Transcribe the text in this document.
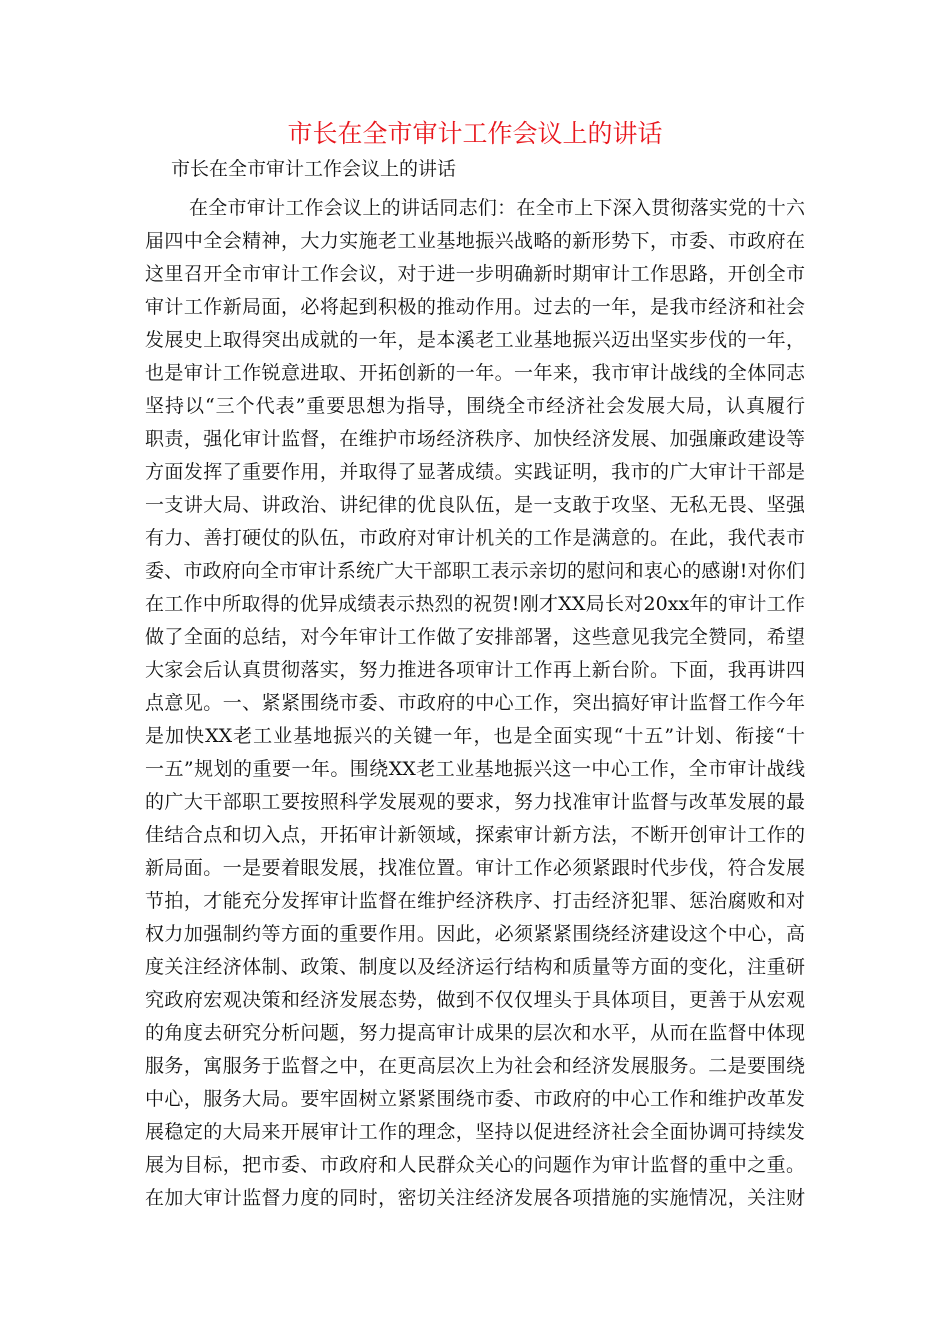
市长在全市审计工作会议上的讲话
市长在全市审计工作会议上的讲话
在全市审计工作会议上的讲话同志们：在全市上下深入贯彻落实党的十六
届四中全会精神，大力实施老工业基地振兴战略的新形势下，市委、市政府在
这里召开全市审计工作会议，对于进一步明确新时期审计工作思路，开创全市
审计工作新局面，必将起到积极的推动作用。过去的一年，是我市经济和社会
发展史上取得突出成就的一年，是本溪老工业基地振兴迈出坚实步伐的一年，
也是审计工作锐意进取、开拓创新的一年。一年来，我市审计战线的全体同志
坚持以“三个代表”重要思想为指导，围绕全市经济社会发展大局，认真履行
职责，强化审计监督，在维护市场经济秩序、加快经济发展、加强廉政建设等
方面发挥了重要作用，并取得了显著成绩。实践证明，我市的广大审计干部是
一支讲大局、讲政治、讲纪律的优良队伍，是一支敢于攻坚、无私无畏、坚强
有力、善打硬仗的队伍，市政府对审计机关的工作是满意的。在此，我代表市
委、市政府向全市审计系统广大干部职工表示亲切的慰问和衷心的感谢!对你们
在工作中所取得的优异成绩表示热烈的祝贺!刚才XX局长对20xx年的审计工作
做了全面的总结，对今年审计工作做了安排部署，这些意见我完全赞同，希望
大家会后认真贯彻落实，努力推进各项审计工作再上新台阶。下面，我再讲四
点意见。一、紧紧围绕市委、市政府的中心工作，突出搞好审计监督工作今年
是加快XX老工业基地振兴的关键一年，也是全面实现“十五”计划、衔接“十
一五”规划的重要一年。围绕XX老工业基地振兴这一中心工作，全市审计战线
的广大干部职工要按照科学发展观的要求，努力找准审计监督与改革发展的最
佳结合点和切入点，开拓审计新领域，探索审计新方法，不断开创审计工作的
新局面。一是要着眼发展，找准位置。审计工作必须紧跟时代步伐，符合发展
节拍，才能充分发挥审计监督在维护经济秩序、打击经济犯罪、惩治腐败和对
权力加强制约等方面的重要作用。因此，必须紧紧围绕经济建设这个中心，高
度关注经济体制、政策、制度以及经济运行结构和质量等方面的变化，注重研
究政府宏观决策和经济发展态势，做到不仅仅埋头于具体项目，更善于从宏观
的角度去研究分析问题，努力提高审计成果的层次和水平，从而在监督中体现
服务，寓服务于监督之中，在更高层次上为社会和经济发展服务。二是要围绕
中心，服务大局。要牢固树立紧紧围绕市委、市政府的中心工作和维护改革发
展稳定的大局来开展审计工作的理念，坚持以促进经济社会全面协调可持续发
展为目标，把市委、市政府和人民群众关心的问题作为审计监督的重中之重。
在加大审计监督力度的同时，密切关注经济发展各项措施的实施情况，关注财
